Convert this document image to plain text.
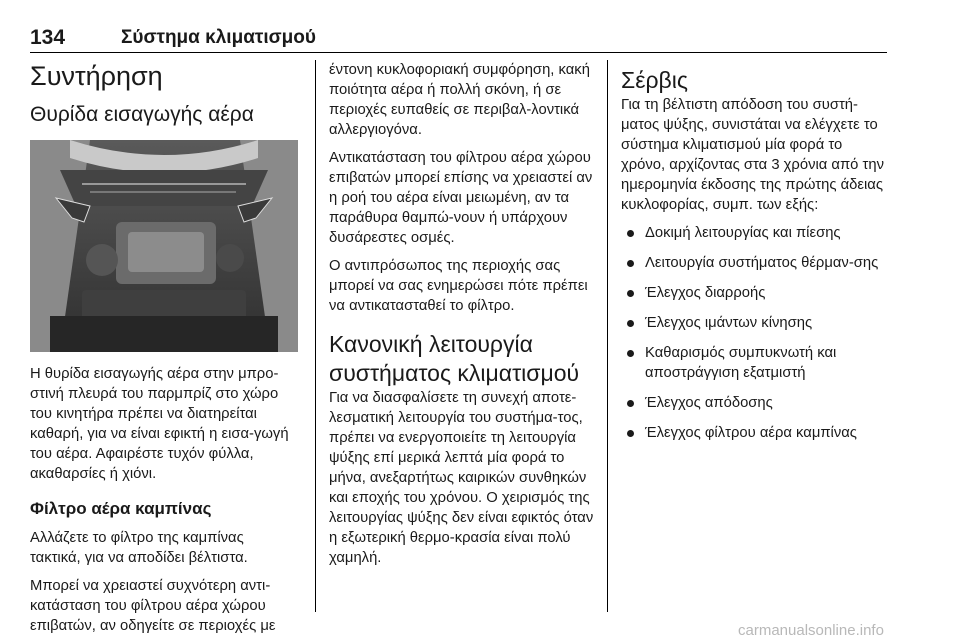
134	Σύστημα κλιματισμού
Συντήρηση
Θυρίδα εισαγωγής αέρα

Η θυρίδα εισαγωγής αέρα στην μπρο-στινή πλευρά του παρμπρίζ στο χώρο του κινητήρα πρέπει να διατηρείται καθαρή, για να είναι εφικτή η εισα-γωγή του αέρα. Αφαιρέστε τυχόν φύλλα, ακαθαρσίες ή χιόνι.

Φίλτρο αέρα καμπίνας

Αλλάζετε το φίλτρο της καμπίνας τακτικά, για να αποδίδει βέλτιστα.

Μπορεί να χρειαστεί συχνότερη αντι-κατάσταση του φίλτρου αέρα χώρου επιβατών, αν οδηγείτε σε περιοχές με

έντονη κυκλοφοριακή συμφόρηση, κακή ποιότητα αέρα ή πολλή σκόνη, ή σε περιοχές ευπαθείς σε περιβαλ-λοντικά αλλεργιογόνα.

Αντικατάσταση του φίλτρου αέρα χώρου επιβατών μπορεί επίσης να χρειαστεί αν η ροή του αέρα είναι μειωμένη, αν τα παράθυρα θαμπώ-νουν ή υπάρχουν δυσάρεστες οσμές.

Ο αντιπρόσωπος της περιοχής σας μπορεί να σας ενημερώσει πότε πρέπει να αντικατασταθεί το φίλτρο.

Κανονική λειτουργία συστήματος κλιματισμού

Για να διασφαλίσετε τη συνεχή αποτε-λεσματική λειτουργία του συστήμα-τος, πρέπει να ενεργοποιείτε τη λειτουργία ψύξης επί μερικά λεπτά μία φορά το μήνα, ανεξαρτήτως καιρικών συνθηκών και εποχής του χρόνου. Ο χειρισμός της λειτουργίας ψύξης δεν είναι εφικτός όταν η εξωτερική θερμο-κρασία είναι πολύ χαμηλή.

Σέρβις

Για τη βέλτιστη απόδοση του συστή-ματος ψύξης, συνιστάται να ελέγχετε το σύστημα κλιματισμού μία φορά το χρόνο, αρχίζοντας στα 3 χρόνια από την ημερομηνία έκδοσης της πρώτης άδειας κυκλοφορίας, συμπ. των εξής:

Δοκιμή λειτουργίας και πίεσης
Λειτουργία συστήματος θέρμαν-σης
Έλεγχος διαρροής
Έλεγχος ιμάντων κίνησης
Καθαρισμός συμπυκνωτή και αποστράγγιση εξατμιστή
Έλεγχος απόδοσης
Έλεγχος φίλτρου αέρα καμπίνας
carmanualsonline.info
